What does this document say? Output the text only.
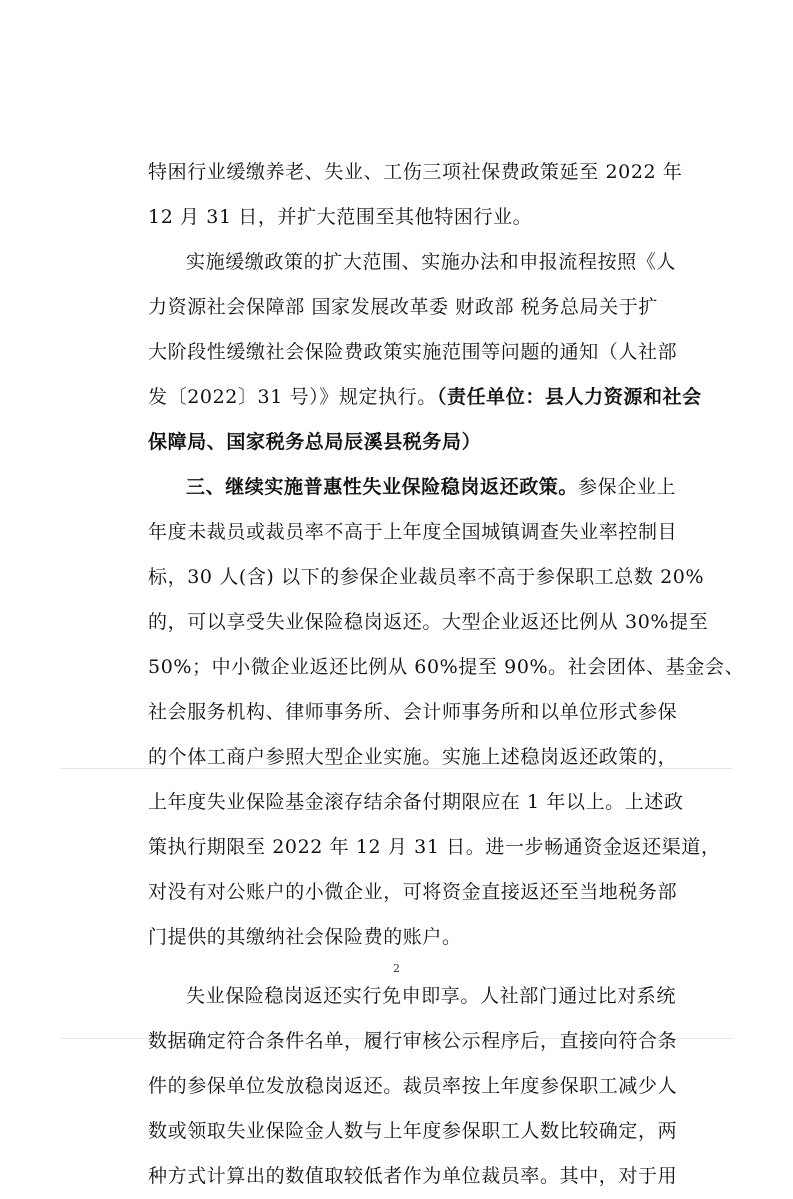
特困行业缓缴养老、失业、工伤三项社保费政策延至 2022 年
12 月 31 日，并扩大范围至其他特困行业。
实施缓缴政策的扩大范围、实施办法和申报流程按照《人
力资源社会保障部 国家发展改革委 财政部 税务总局关于扩
大阶段性缓缴社会保险费政策实施范围等问题的通知（人社部
发〔2022〕31 号）》规定执行。（责任单位：县人力资源和社会
保障局、国家税务总局辰溪县税务局）
三、继续实施普惠性失业保险稳岗返还政策。参保企业上
年度未裁员或裁员率不高于上年度全国城镇调查失业率控制目
标，30 人(含) 以下的参保企业裁员率不高于参保职工总数 20%
的，可以享受失业保险稳岗返还。大型企业返还比例从 30%提至
50%；中小微企业返还比例从 60%提至 90%。社会团体、基金会、
社会服务机构、律师事务所、会计师事务所和以单位形式参保
的个体工商户参照大型企业实施。实施上述稳岗返还政策的，
上年度失业保险基金滚存结余备付期限应在 1 年以上。上述政
策执行期限至 2022 年 12 月 31 日。进一步畅通资金返还渠道，
对没有对公账户的小微企业，可将资金直接返还至当地税务部
门提供的其缴纳社会保险费的账户。
失业保险稳岗返还实行免申即享。人社部门通过比对系统
数据确定符合条件名单，履行审核公示程序后，直接向符合条
件的参保单位发放稳岗返还。裁员率按上年度参保职工减少人
数或领取失业保险金人数与上年度参保职工人数比较确定，两
种方式计算出的数值取较低者作为单位裁员率。其中，对于用
2
